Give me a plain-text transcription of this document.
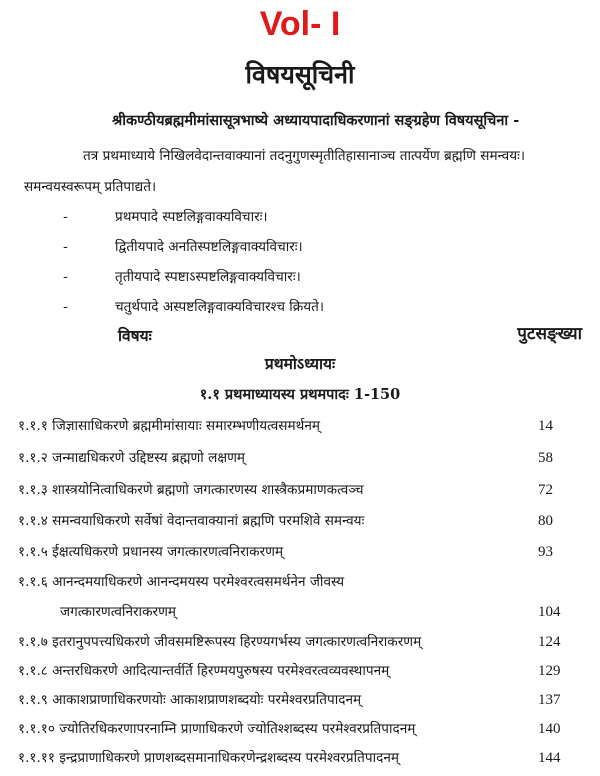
Vol- I
विषयसूचिनी
श्रीकण्ठीयब्रह्ममीमांसासूत्रभाष्ये अध्यायपादाधिकरणानां सङ्ग्रहेण विषयसूचिना -
तत्र प्रथमाध्याये निखिलवेदान्तवाक्यानां तदनुगुणस्मृतीतिहासानाञ्च तात्पर्येण ब्रह्मणि समन्वयः।
समन्वयस्वरूपम् प्रतिपाद्यते।
-	प्रथमपादे स्पष्टलिङ्गवाक्यविचारः।
-	द्वितीयपादे अनतिस्पष्टलिङ्गवाक्यविचारः।
-	तृतीयपादे स्पष्टाऽस्पष्टलिङ्गवाक्यविचारः।
-	चतुर्थपादे अस्पष्टलिङ्गवाक्यविचारश्च क्रियते।
विषयः	पुटसङ्ख्या
प्रथमोऽध्यायः
१.१ प्रथमाध्यायस्य प्रथमपादः 1-150
१.१.१ जिज्ञासाधिकरणे ब्रह्ममीमांसायाः समारम्भणीयत्वसमर्थनम्	14
१.१.२ जन्माद्यधिकरणे उद्दिष्टस्य ब्रह्मणो लक्षणम्	58
१.१.३ शास्त्रयोनित्वाधिकरणे ब्रह्मणो जगत्कारणस्य शास्त्रैकप्रमाणकत्वञ्च	72
१.१.४ समन्वयाधिकरणे सर्वेषां वेदान्तवाक्यानां ब्रह्मणि परमशिवे समन्वयः	80
१.१.५ ईक्षत्यधिकरणे प्रधानस्य जगत्कारणत्वनिराकरणम्	93
१.१.६ आनन्दमयाधिकरणे आनन्दमयस्य परमेश्वरत्वसमर्थनेन जीवस्य
जगत्कारणत्वनिराकरणम्	104
१.१.७ इतरानुपपत्त्यधिकरणे जीवसमष्टिरूपस्य हिरण्यगर्भस्य जगत्कारणत्वनिराकरणम्	124
१.१.८ अन्तरधिकरणे आदित्यान्तर्वर्ति हिरण्मयपुरुषस्य परमेश्वरत्वव्यवस्थापनम्	129
१.१.९ आकाशप्राणाधिकरणयोः आकाशप्राणशब्दयोः परमेश्वरप्रतिपादनम्	137
१.१.१० ज्योतिरधिकरणापरनाम्नि प्राणाधिकरणे ज्योतिश्शब्दस्य परमेश्वरप्रतिपादनम्	140
१.१.११ इन्द्रप्राणाधिकरणे प्राणशब्दसमानाधिकरणेन्द्रशब्दस्य परमेश्वरप्रतिपादनम्	144
